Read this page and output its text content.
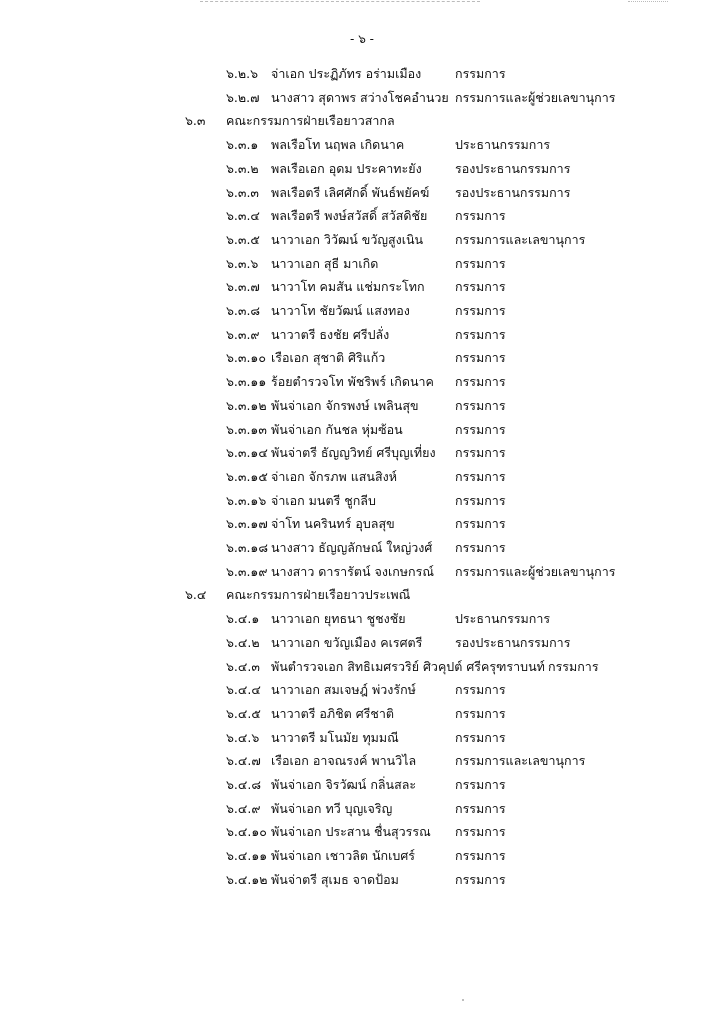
- ๖ -
๖.๒.๖ จ่าเอก ประฏิภัทร อร่ามเมือง	กรรมการ
๖.๒.๗ นางสาว สุดาพร สว่างโชคอำนวย กรรมการและผู้ช่วยเลขานุการ
๖.๓ คณะกรรมการฝ่ายเรือยาวสากล
๖.๓.๑ พลเรือโท นฤพล เกิดนาค	ประธานกรรมการ
๖.๓.๒ พลเรือเอก อุดม ประคาทะยัง	รองประธานกรรมการ
๖.๓.๓ พลเรือตรี เลิศศักดิ์ พันธ์พยัคฆ์ รองประธานกรรมการ
๖.๓.๔ พลเรือตรี พงษ์สวัสดิ์ สวัสดิชัย กรรมการ
๖.๓.๕ นาวาเอก วิวัฒน์ ขวัญสูงเนิน	กรรมการและเลขานุการ
๖.๓.๖ นาวาเอก สุธี มาเกิด	กรรมการ
๖.๓.๗ นาวาโท คมสัน แช่มกระโทก กรรมการ
๖.๓.๘ นาวาโท ชัยวัฒน์ แสงทอง	กรรมการ
๖.๓.๙ นาวาตรี ธงชัย ศรีปลั่ง	กรรมการ
๖.๓.๑๐ เรือเอก สุชาติ ศิริแก้ว	กรรมการ
๖.๓.๑๑ ร้อยตำรวจโท พัชริพร์ เกิดนาค กรรมการ
๖.๓.๑๒ พันจ่าเอก จักรพงษ์ เพลินสุข	กรรมการ
๖.๓.๑๓ พันจ่าเอก กันชล หุ่มซ้อน	กรรมการ
๖.๓.๑๔ พันจ่าตรี ธัญญวิทย์ ศรีบุญเที่ยง กรรมการ
๖.๓.๑๕ จ่าเอก จักรภพ แสนสิงห์	กรรมการ
๖.๓.๑๖ จ่าเอก มนตรี ชูกลีบ	กรรมการ
๖.๓.๑๗ จ่าโท นครินทร์ อุบลสุข	กรรมการ
๖.๓.๑๘ นางสาว ธัญญลักษณ์ ใหญ่วงศ์ กรรมการ
๖.๓.๑๙ นางสาว ดารารัตน์ จงเกษกรณ์ กรรมการและผู้ช่วยเลขานุการ
๖.๔ คณะกรรมการฝ่ายเรือยาวประเพณี
๖.๔.๑ นาวาเอก ยุทธนา ชูชงชัย	ประธานกรรมการ
๖.๔.๒ นาวาเอก ขวัญเมือง คเรศตรี	รองประธานกรรมการ
๖.๔.๓ พันตำรวจเอก สิทธิเมศรวริย์ ศิวคุปต์ ศรีครุฑราบนท์ กรรมการ
๖.๔.๔ นาวาเอก สมเจษฎ์ พ่วงรักษ์	กรรมการ
๖.๔.๕ นาวาตรี อภิชิต ศรีชาติ	กรรมการ
๖.๔.๖ นาวาตรี มโนมัย ทุมมณี	กรรมการ
๖.๔.๗ เรือเอก อาจณรงค์ พานวิไล	กรรมการและเลขานุการ
๖.๔.๘ พันจ่าเอก จิรวัฒน์ กลิ่นสละ	กรรมการ
๖.๔.๙ พันจ่าเอก ทวี บุญเจริญ	กรรมการ
๖.๔.๑๐ พันจ่าเอก ประสาน ชื่นสุวรรณ กรรมการ
๖.๔.๑๑ พันจ่าเอก เชาวลิต นักเบศร์	กรรมการ
๖.๔.๑๒ พันจ่าตรี สุเมธ จาดป้อม	กรรมการ
